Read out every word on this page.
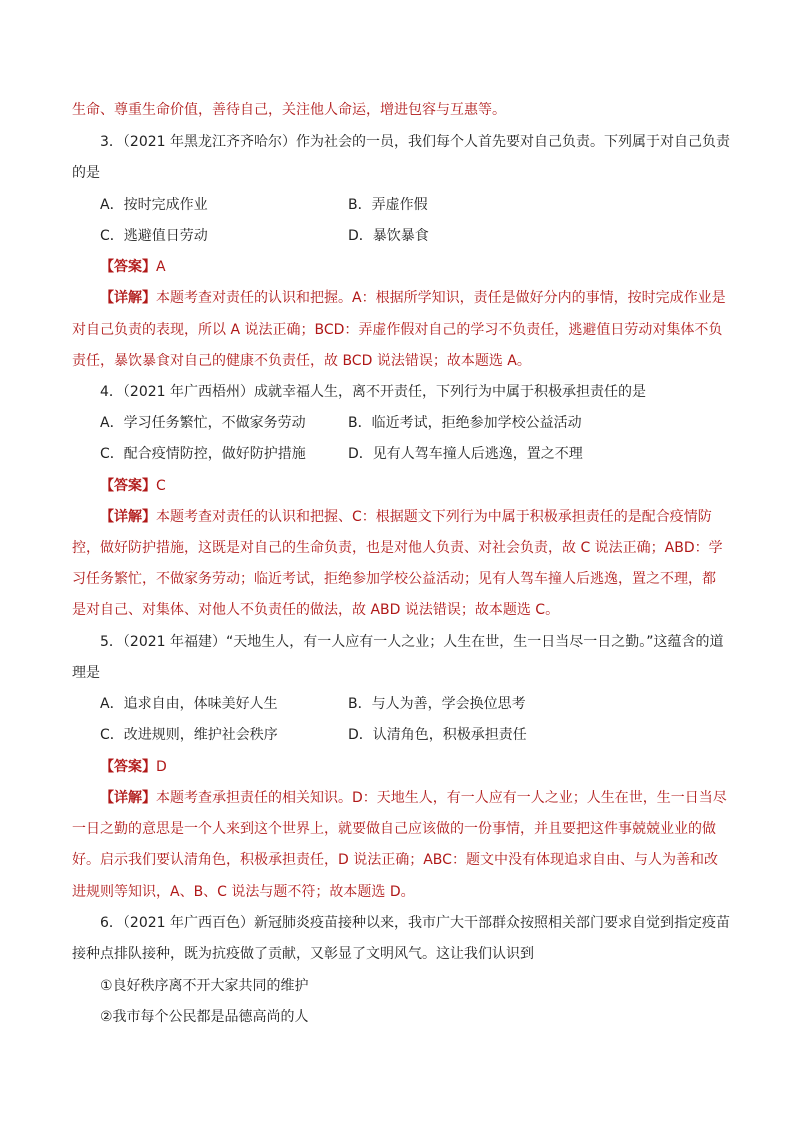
生命、尊重生命价值，善待自己，关注他人命运，增进包容与互惠等。
3．（2021 年黑龙江齐齐哈尔）作为社会的一员，我们每个人首先要对自己负责。下列属于对自己负责
的是
A．按时完成作业	B．弄虚作假
C．逃避值日劳动	D．暴饮暴食
【答案】A
【详解】本题考查对责任的认识和把握。A：根据所学知识，责任是做好分内的事情，按时完成作业是
对自己负责的表现，所以 A 说法正确；BCD：弄虚作假对自己的学习不负责任，逃避值日劳动对集体不负
责任，暴饮暴食对自己的健康不负责任，故 BCD 说法错误；故本题选 A。
4．（2021 年广西梧州）成就幸福人生，离不开责任，下列行为中属于积极承担责任的是
A．学习任务繁忙，不做家务劳动	B．临近考试，拒绝参加学校公益活动
C．配合疫情防控，做好防护措施	D．见有人驾车撞人后逃逸，置之不理
【答案】C
【详解】本题考查对责任的认识和把握、C：根据题文下列行为中属于积极承担责任的是配合疫情防
控，做好防护措施，这既是对自己的生命负责，也是对他人负责、对社会负责，故 C 说法正确；ABD：学
习任务繁忙，不做家务劳动；临近考试，拒绝参加学校公益活动；见有人驾车撞人后逃逸，置之不理，都
是对自己、对集体、对他人不负责任的做法，故 ABD 说法错误；故本题选 C。
5．（2021 年福建）“天地生人，有一人应有一人之业；人生在世，生一日当尽一日之勤。”这蕴含的道
理是
A．追求自由，体味美好人生	B．与人为善，学会换位思考
C．改进规则，维护社会秩序	D．认清角色，积极承担责任
【答案】D
【详解】本题考查承担责任的相关知识。D：天地生人，有一人应有一人之业；人生在世，生一日当尽
一日之勤的意思是一个人来到这个世界上，就要做自己应该做的一份事情，并且要把这件事兢兢业业的做
好。启示我们要认清角色，积极承担责任，D 说法正确；ABC：题文中没有体现追求自由、与人为善和改
进规则等知识，A、B、C 说法与题不符；故本题选 D。
6．（2021 年广西百色）新冠肺炎疫苗接种以来，我市广大干部群众按照相关部门要求自觉到指定疫苗
接种点排队接种，既为抗疫做了贡献，又彰显了文明风气。这让我们认识到
①良好秩序离不开大家共同的维护
②我市每个公民都是品德高尚的人
